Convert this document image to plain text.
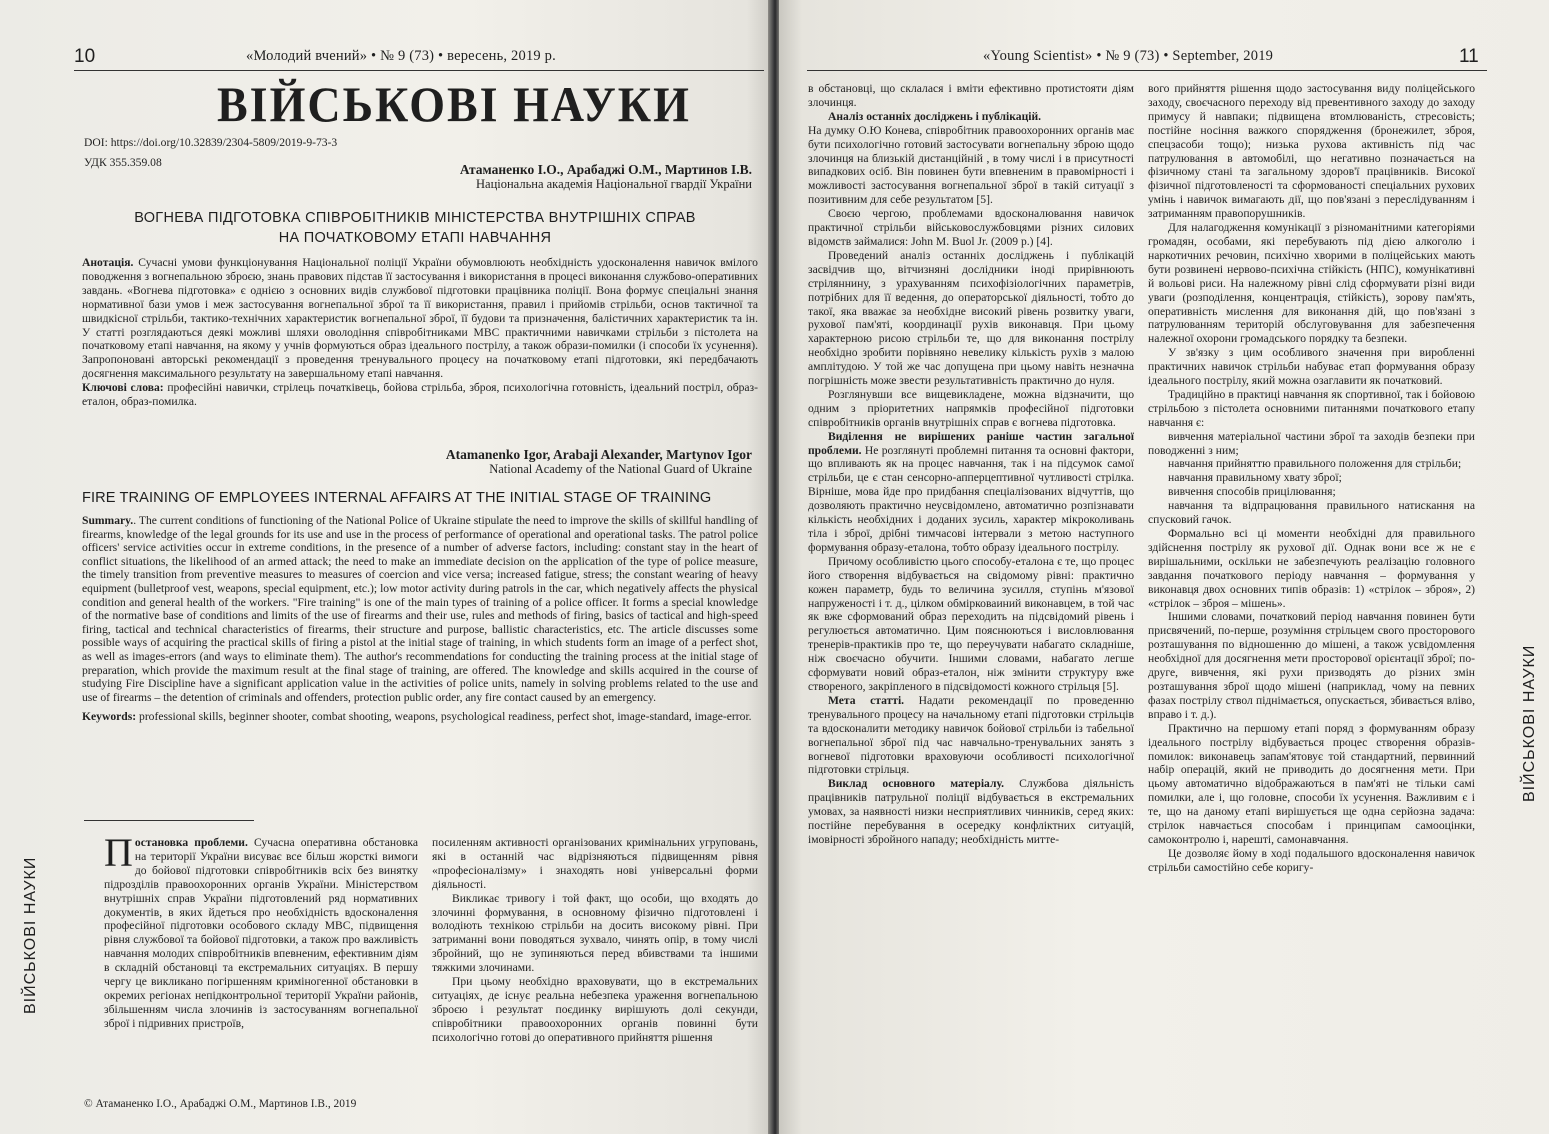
10	«Молодий вчений» • № 9 (73) • вересень, 2019 р.
ВІЙСЬКОВІ НАУКИ
DOI: https://doi.org/10.32839/2304-5809/2019-9-73-3
УДК 355.359.08	Атаманенко І.О., Арабаджі О.М., Мартинов І.В.
Національна академія Національної гвардії України
ВОГНЕВА ПІДГОТОВКА СПІВРОБІТНИКІВ МІНІСТЕРСТВА ВНУТРІШНІХ СПРАВ
НА ПОЧАТКОВОМУ ЕТАПІ НАВЧАННЯ

Анотація. Сучасні умови функціонування Національної поліції України обумовлюють необхідність удосконалення навичок вмілого поводження з вогнепальною зброєю, знань правових підстав її застосування і використання в процесі виконання службово-оперативних завдань. «Вогнева підготовка» є однією з основних видів службової підготовки працівника поліції. Вона формує спеціальні знання нормативної бази умов і меж застосування вогнепальної зброї та її використання, правил і прийомів стрільби, основ тактичної та швидкісної стрільби, тактико-технічних характеристик вогнепальної зброї, її будови та призначення, балістичних характеристик та ін. У статті розглядаються деякі можливі шляхи оволодіння співробітниками МВС практичними навичками стрільби з пістолета на початковому етапі навчання, на якому у учнів формуються образ ідеального пострілу, а також образи-помилки (і способи їх усунення). Запропоновані авторські рекомендації з проведення тренувального процесу на початковому етапі підготовки, які передбачають досягнення максимального результату на завершальному етапі навчання.

Ключові слова: професійні навички, стрілець початківець, бойова стрільба, зброя, психологічна готовність, ідеальний постріл, образ-еталон, образ-помилка.

Atamanenko Igor, Arabaji Alexander, Martynov Igor
National Academy of the National Guard of Ukraine
FIRE TRAINING OF EMPLOYEES INTERNAL AFFAIRS AT THE INITIAL STAGE OF TRAINING

Summary.. The current conditions of functioning of the National Police of Ukraine stipulate the need to improve the skills of skillful handling of firearms, knowledge of the legal grounds for its use and use in the process of performance of operational and operational tasks. The patrol police officers' service activities occur in extreme conditions, in the presence of a number of adverse factors, including: constant stay in the heart of conflict situations, the likelihood of an armed attack; the need to make an immediate decision on the application of the type of police measure, the timely transition from preventive measures to measures of coercion and vice versa; increased fatigue, stress; the constant wearing of heavy equipment (bulletproof vest, weapons, special equipment, etc.); low motor activity during patrols in the car, which negatively affects the physical condition and general health of the workers. "Fire training" is one of the main types of training of a police officer. It forms a special knowledge of the normative base of conditions and limits of the use of firearms and their use, rules and methods of firing, basics of tactical and high-speed firing, tactical and technical characteristics of firearms, their structure and purpose, ballistic characteristics, etc. The article discusses some possible ways of acquiring the practical skills of firing a pistol at the initial stage of training, in which students form an image of a perfect shot, as well as images-errors (and ways to eliminate them). The author's recommendations for conducting the training process at the initial stage of preparation, which provide the maximum result at the final stage of training, are offered. The knowledge and skills acquired in the course of studying Fire Discipline have a significant application value in the activities of police units, namely in solving problems related to the use and use of firearms – the detention of criminals and offenders, protection public order, any fire contact caused by an emergency.

Keywords: professional skills, beginner shooter, combat shooting, weapons, psychological readiness, perfect shot, image-standard, image-error.

ВІЙСЬКОВІ НАУКИ

Постановка проблеми. Сучасна оперативна обстановка на території України висуває все більш жорсткі вимоги до бойової підготовки співробітників всіх без винятку підрозділів правоохоронних органів України. Міністерством внутрішніх справ України підготовлений ряд нормативних документів, в яких йдеться про необхідність вдосконалення професійної підготовки особового складу МВС, підвищення рівня службової та бойової підготовки, а також про важливість навчання молодих співробітників впевненим, ефективним діям в складній обстановці та екстремальних ситуаціях. В першу чергу це викликано погіршенням криміногенної обстановки в окремих регіонах непідконтрольної території України районів, збільшенням числа злочинів із застосуванням вогнепальної зброї і підривних пристроїв,

посиленням активності організованих кримінальних угруповань, які в останній час відрізняються підвищенням рівня «професіоналізму» і знаходять нові універсальні форми діяльності.

Викликає тривогу і той факт, що особи, що входять до злочинні формування, в основному фізично підготовлені і володіють технікою стрільби на досить високому рівні. При затриманні вони поводяться зухвало, чинять опір, в тому числі збройний, що не зупиняються перед вбивствами та іншими тяжкими злочинами.

При цьому необхідно враховувати, що в екстремальних ситуаціях, де існує реальна небезпека ураження вогнепальною зброєю і результат поєдинку вирішують долі секунди, співробітники правоохоронних органів повинні бути психологічно готові до оперативного прийняття рішення

© Атаманенко І.О., Арабаджі О.М., Мартинов І.В., 2019
«Young Scientist» • № 9 (73) • September, 2019	11

в обстановці, що склалася і вміти ефективно протистояти діям злочинця.

Аналіз останніх досліджень і публікацій.

На думку О.Ю Конева, співробітник правоохоронних органів має бути психологічно готовий застосувати вогнепальну зброю щодо злочинця на близькій дистанційній , в тому числі і в присутності випадкових осіб. Він повинен бути впевненим в правомірності і можливості застосування вогнепальної зброї в такій ситуації з позитивним для себе результатом [5].

Своєю чергою, проблемами вдосконалювання навичок практичної стрільби військовослужбовцями різних силових відомств займалися: John M. Buol Jr. (2009 p.) [4].

Проведений аналіз останніх досліджень і публікацій засвідчив що, вітчизняні дослідники іноді прирівнюють стріляннину, з урахуванням психофізіологічних параметрів, потрібних для її ведення, до операторської діяльності, тобто до такої, яка вважає за необхідне високий рівень розвитку уваги, рухової пам'яті, координації рухів виконавця. При цьому характерною рисою стрільби те, що для виконання пострілу необхідно зробити порівняно невелику кількість рухів з малою амплітудою. У той же час допущена при цьому навіть незначна погрішність може звести результативність практично до нуля.

Розглянувши все вищевикладене, можна відзначити, що одним з пріоритетних напрямків професійної підготовки співробітників органів внутрішніх справ є вогнева підготовка.

Виділення не вирішених раніше частин загальної проблеми. Не розглянуті проблемні питання та основні фактори, що впливають як на процес навчання, так і на підсумок самої стрільби, це є стан сенсорно-апперцептивної чутливості стрілка. Вірніше, мова йде про придбання спеціалізованих відчуттів, що дозволяють практично неусвідомлено, автоматично розпізнавати кількість необхідних і доданих зусиль, характер мікроколивань тіла і зброї, дрібні тимчасові інтервали з метою наступного формування образу-еталона, тобто образу ідеального пострілу.

Причому особливістю цього способу-еталона є те, що процес його створення відбувається на свідомому рівні: практично кожен параметр, будь то величина зусилля, ступінь м'язової напруженості і т. д., цілком обмірковаиний виконавцем, в той час як вже сформований образ переходить на підсвідомий рівень і регулюється автоматично. Цим пояснюються і висловлювання тренерів-практиків про те, що переучувати набагато складніше, ніж своєчасно обучити. Іншими словами, набагато легше сформувати новий образ-еталон, ніж змінити структуру вже створеного, закріпленого в підсвідомості кожного стрільця [5].

Мета статті. Надати рекомендації по проведенню тренувального процесу на начальному етапі підготовки стрільців та вдосконалити методику навичок бойової стрільби із табельної вогнепальної зброї під час навчально-тренувальних занять з вогневої підготовки враховуючи особливості психологічної підготовки стрільця.

Виклад основного матеріалу. Службова діяльність працівників патрульної поліції відбувається в екстремальних умовах, за наявності низки несприятливих чинників, серед яких: постійне перебування в осередку конфліктних ситуацій, імовірності збройного нападу; необхідність митте-

вого прийняття рішення щодо застосування виду поліцейського заходу, своєчасного переходу від превентивного заходу до заходу примусу й навпаки; підвищена втомлюваність, стресовість; постійне носіння важкого спорядження (бронежилет, зброя, спецзасоби тощо); низька рухова активність під час патрулювання в автомобілі, що негативно позначається на фізичному стані та загальному здоров'ї працівників. Високої фізичної підготовленості та сформованості спеціальних рухових умінь і навичок вимагають дії, що пов'язані з переслідуванням і затриманням правопорушників.

Для налагодження комунікації з різноманітними категоріями громадян, особами, які перебувають під дією алкоголю і наркотичних речовин, психічно хворими в поліцейських мають бути розвинені нервово-психічна стійкість (НПС), комунікативні й вольові риси. На належному рівні слід сформувати різні види уваги (розподілення, концентрація, стійкість), зорову пам'ять, оперативність мислення для виконання дій, що пов'язані з патрулюванням територій обслуговування для забезпечення належної охорони громадського порядку та безпеки.

У зв'язку з цим особливого значення при виробленні практичних навичок стрільби набуває етап формування образу ідеального пострілу, який можна озаглавити як початковий.

Традиційно в практиці навчання як спортивної, так і бойовою стрільбою з пістолета основними питаннями початкового етапу навчання є:

вивчення матеріальної частини зброї та заходів безпеки при поводженні з ним;

навчання прийняттю правильного положення для стрільби;

навчання правильному хвату зброї;

вивчення способів прицілювання;

навчання та відпрацювання правильного натискання на спусковий гачок.

Формально всі ці моменти необхідні для правильного здійснення пострілу як рухової дії. Однак вони все ж не є вирішальними, оскільки не забезпечують реалізацію головного завдання початкового періоду навчання – формування у виконавця двох основних типів образів: 1) «стрілок – зброя», 2) «стрілок – зброя – мішень».

Іншими словами, початковий період навчання повинен бути присвячений, по-перше, розуміння стрільцем свого просторового розташування по відношенню до мішені, а також усвідомлення необхідної для досягнення мети просторової орієнтації зброї; по-друге, вивчення, які рухи призводять до різних змін розташування зброї щодо мішені (наприклад, чому на певних фазах пострілу ствол піднімається, опускається, збивається вліво, вправо і т. д.).

Практично на першому етапі поряд з формуванням образу ідеального пострілу відбувається процес створення образів-помилок: виконавець запам'ятовує той стандартний, первинний набір операцій, який не приводить до досягнення мети. При цьому автоматично відображаються в пам'яті не тільки самі помилки, але і, що головне, способи їх усунення. Важливим є і те, що на даному етапі вирішується ще одна серйозна задача: стрілок навчається способам і принципам самооцінки, самоконтролю і, нарешті, самонавчання.

Це дозволяє йому в ході подальшого вдосконалення навичок стрільби самостійно себе коригу-

ВІЙСЬКОВІ НАУКИ
